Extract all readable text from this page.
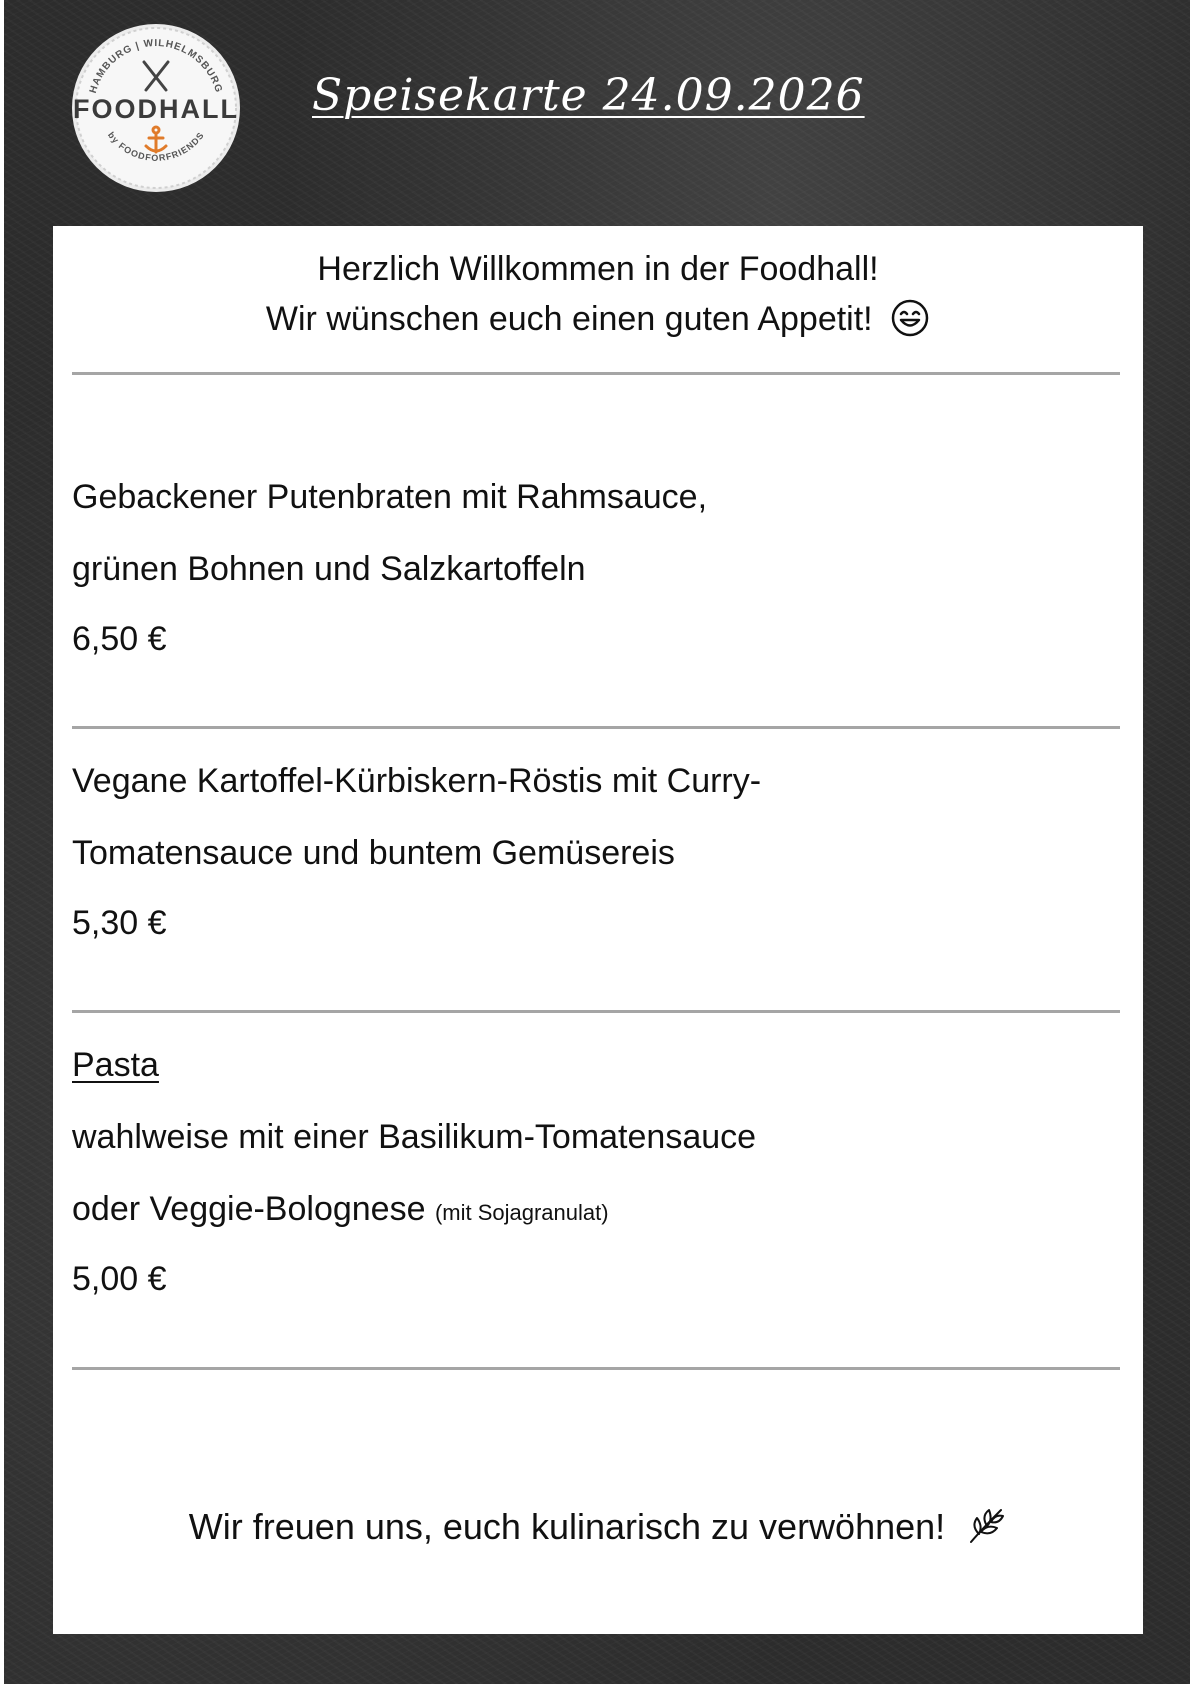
HAMBURG | WILHELMSBURG
by FOODFORFRIENDS
FOODHALL Speisekarte 24.09.2026
Herzlich Willkommen in der Foodhall!
Wir wünschen euch einen guten Appetit!
Gebackener Putenbraten mit Rahmsauce,
grünen Bohnen und Salzkartoffeln
6,50 €
Vegane Kartoffel-Kürbiskern-Röstis mit Curry-
Tomatensauce und buntem Gemüsereis
5,30 €
Pasta
wahlweise mit einer Basilikum-Tomatensauce
oder Veggie-Bolognese (mit Sojagranulat)
5,00 €
Wir freuen uns, euch kulinarisch zu verwöhnen!
